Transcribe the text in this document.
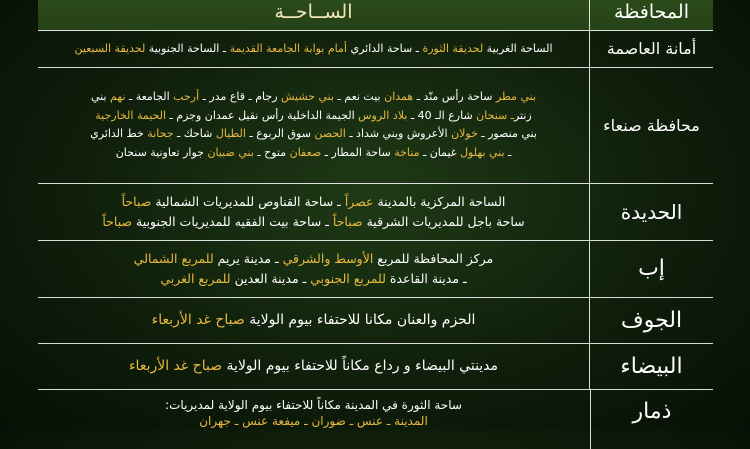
المحافظة
الســاحــة
أمانة العاصمة
الساحة الغربية لحديقة الثورة ـ ساحة الدائري أمام بوابة الجامعة القديمة ـ الساحة الجنوبية لحديقة السبعين
محافظة صنعاء
بني مطر ساحة رأس منّد ـ همدان بيت نعم ـ بني حشيش رجام ـ قاع مدر ـ أرحب الجامعة ـ نهم بني
زنترـ سنحان شارع الـ 40 ـ بلاد الروس الجيمة الداخلية رأس نقيل عمدان وجزم ـ الحيمة الخارجية
بني منصور ـ خولان الأعروش وبني شداد ـ الحصن سوق الربوع ـ الطيال شاحك ـ جحانة خط الدائري
ـ بني بهلول غيمان ـ مناخة ساحة المطار ـ صعفان متوح ـ بني ضبيان جوار تعاونية سنحان
الحديدة
الساحة المركزية بالمدينة عصراً ـ ساحة القناوص للمديريات الشمالية صباحاً
ساحة باجل للمديريات الشرقية صباحاً ـ ساحة بيت الفقيه للمديريات الجنوبية صباحاً
إب
مركز المحافظة للمربع الأوسط والشرقي ـ مدينة يريم للمربع الشمالي
ـ مدينة القاعدة للمربع الجنوبي ـ مدينة العدين للمربع الغربي
الجوف
الحزم والعنان مكانا للاحتفاء بيوم الولاية صباح غد الأربعاء
البيضاء
مدينتي البيضاء و رداع مكاناً للاحتفاء بيوم الولاية صباح غد الأربعاء
ذمار
ساحة الثورة في المدينة مكاناً للاحتفاء بيوم الولاية لمديريات:
المدينة ـ عنس ـ ضوران ـ ميفعة عنس ـ جهران
